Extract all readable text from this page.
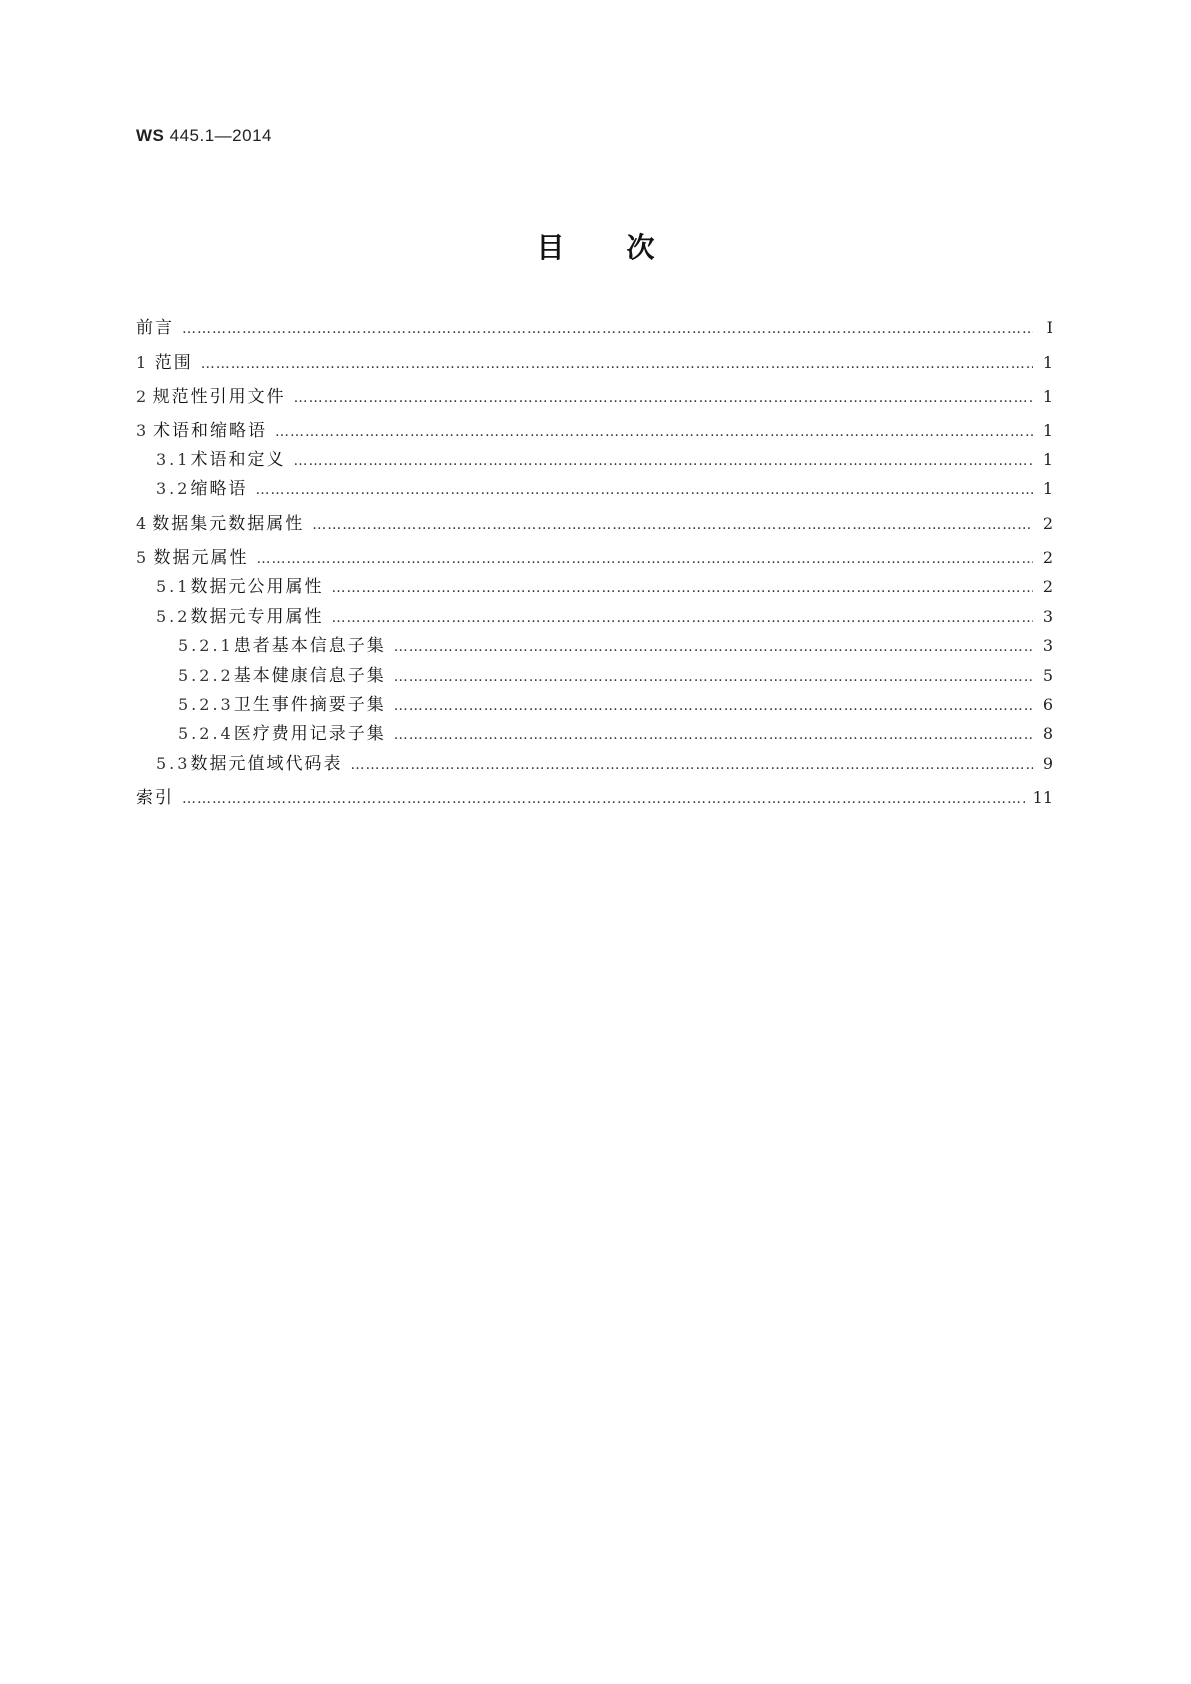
WS 445.1—2014
目次
前言 ……………………………………………………………………………………………………………………………………………………………………………………………………………………………………………	Ⅰ
1 范围 ……………………………………………………………………………………………………………………………………………………………………………………………………………………………………………	1
2 规范性引用文件 ……………………………………………………………………………………………………………………………………………………………………………………………………………………………………………	1
3 术语和缩略语 ……………………………………………………………………………………………………………………………………………………………………………………………………………………………………………	1
3.1 术语和定义 ……………………………………………………………………………………………………………………………………………………………………………………………………………………………………………	1
3.2 缩略语 ……………………………………………………………………………………………………………………………………………………………………………………………………………………………………………	1
4 数据集元数据属性 ……………………………………………………………………………………………………………………………………………………………………………………………………………………………………………	2
5 数据元属性 ……………………………………………………………………………………………………………………………………………………………………………………………………………………………………………	2
5.1 数据元公用属性 ……………………………………………………………………………………………………………………………………………………………………………………………………………………………………………	2
5.2 数据元专用属性 ……………………………………………………………………………………………………………………………………………………………………………………………………………………………………………	3
5.2.1 患者基本信息子集 ……………………………………………………………………………………………………………………………………………………………………………………………………………………………………………	3
5.2.2 基本健康信息子集 ……………………………………………………………………………………………………………………………………………………………………………………………………………………………………………	5
5.2.3 卫生事件摘要子集 ……………………………………………………………………………………………………………………………………………………………………………………………………………………………………………	6
5.2.4 医疗费用记录子集 ……………………………………………………………………………………………………………………………………………………………………………………………………………………………………………	8
5.3 数据元值域代码表 ……………………………………………………………………………………………………………………………………………………………………………………………………………………………………………	9
索引 ……………………………………………………………………………………………………………………………………………………………………………………………………………………………………………	11
